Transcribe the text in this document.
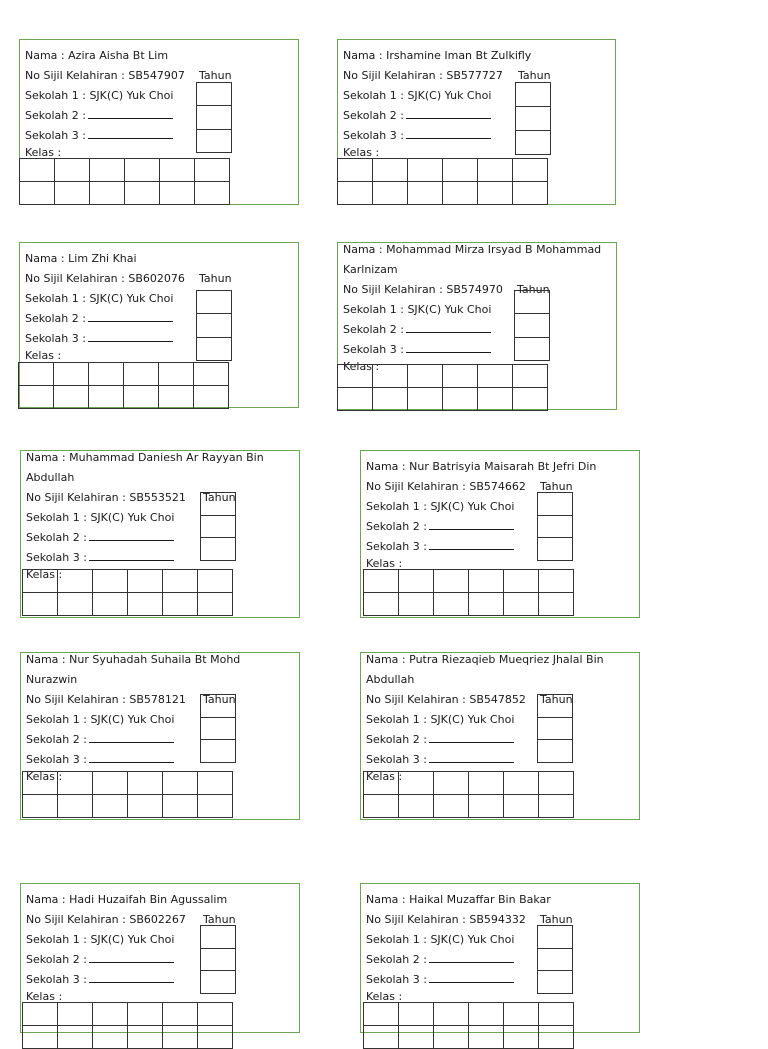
Nama : Azira Aisha Bt Lim
No Sijil Kelahiran : SB547907
Sekolah 1 : SJK(C) Yuk Choi
Sekolah 2 :
Sekolah 3 :
Kelas :
Tahun

Nama : Irshamine Iman Bt Zulkifly
No Sijil Kelahiran : SB577727
Sekolah 1 : SJK(C) Yuk Choi
Sekolah 2 :
Sekolah 3 :
Kelas :
Tahun

Nama : Lim Zhi Khai
No Sijil Kelahiran : SB602076
Sekolah 1 : SJK(C) Yuk Choi
Sekolah 2 :
Sekolah 3 :
Kelas :
Tahun

Nama : Mohammad Mirza Irsyad B Mohammad
Karlnizam
No Sijil Kelahiran : SB574970
Sekolah 1 : SJK(C) Yuk Choi
Sekolah 2 :
Sekolah 3 :
Kelas :
Tahun

Nama : Muhammad Daniesh Ar Rayyan Bin
Abdullah
No Sijil Kelahiran : SB553521
Sekolah 1 : SJK(C) Yuk Choi
Sekolah 2 :
Sekolah 3 :
Kelas :
Tahun

Nama : Nur Batrisyia Maisarah Bt Jefri Din
No Sijil Kelahiran : SB574662
Sekolah 1 : SJK(C) Yuk Choi
Sekolah 2 :
Sekolah 3 :
Kelas :
Tahun

Nama : Nur Syuhadah Suhaila Bt Mohd
Nurazwin
No Sijil Kelahiran : SB578121
Sekolah 1 : SJK(C) Yuk Choi
Sekolah 2 :
Sekolah 3 :
Kelas :
Tahun

Nama : Putra Riezaqieb Mueqriez Jhalal Bin
Abdullah
No Sijil Kelahiran : SB547852
Sekolah 1 : SJK(C) Yuk Choi
Sekolah 2 :
Sekolah 3 :
Kelas :
Tahun

Nama : Hadi Huzaifah Bin Agussalim
No Sijil Kelahiran : SB602267
Sekolah 1 : SJK(C) Yuk Choi
Sekolah 2 :
Sekolah 3 :
Kelas :
Tahun

Nama : Haikal Muzaffar Bin Bakar
No Sijil Kelahiran : SB594332
Sekolah 1 : SJK(C) Yuk Choi
Sekolah 2 :
Sekolah 3 :
Kelas :
Tahun
